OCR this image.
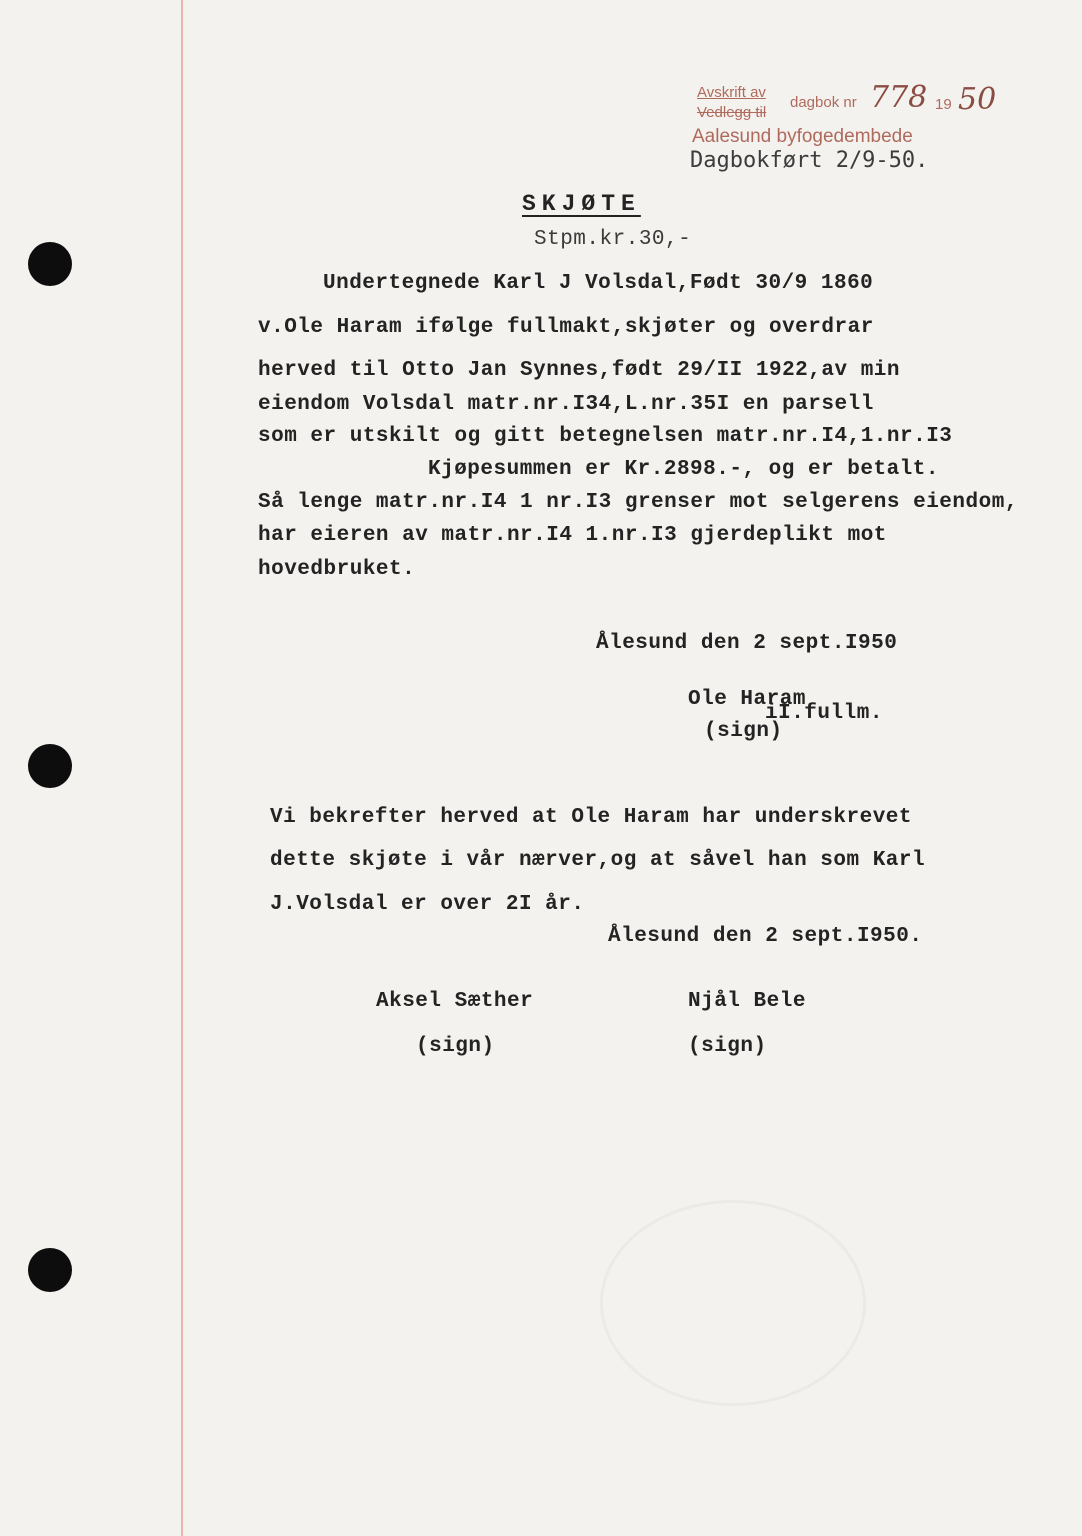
Avskrift av
Vedlegg til
dagbok nr 778 19 50
Aalesund byfogedembede
Dagbokført 2/9-50.
SKJØTE
Stpm.kr.30,-
Undertegnede Karl J Volsdal,Født 30/9 1860
v.Ole Haram ifølge fullmakt,skjøter og overdrar
herved til Otto Jan Synnes,født 29/II 1922,av min
eiendom Volsdal matr.nr.I34,L.nr.35I en parsell
som er utskilt og gitt betegnelsen matr.nr.I4,1.nr.I3
Kjøpesummen er Kr.2898.-, og er betalt.
Så lenge matr.nr.I4 1 nr.I3 grenser mot selgerens eiendom,
har eieren av matr.nr.I4 1.nr.I3 gjerdeplikt mot
hovedbruket.
Ålesund den 2 sept.I950
Ole Haram
iI.fullm.
(sign)
Vi bekrefter herved at Ole Haram har underskrevet
dette skjøte i vår nærver,og at såvel han som Karl
J.Volsdal er over 2I år.
Ålesund den 2 sept.I950.
Aksel Sæther
(sign)
Njål Bele
(sign)
